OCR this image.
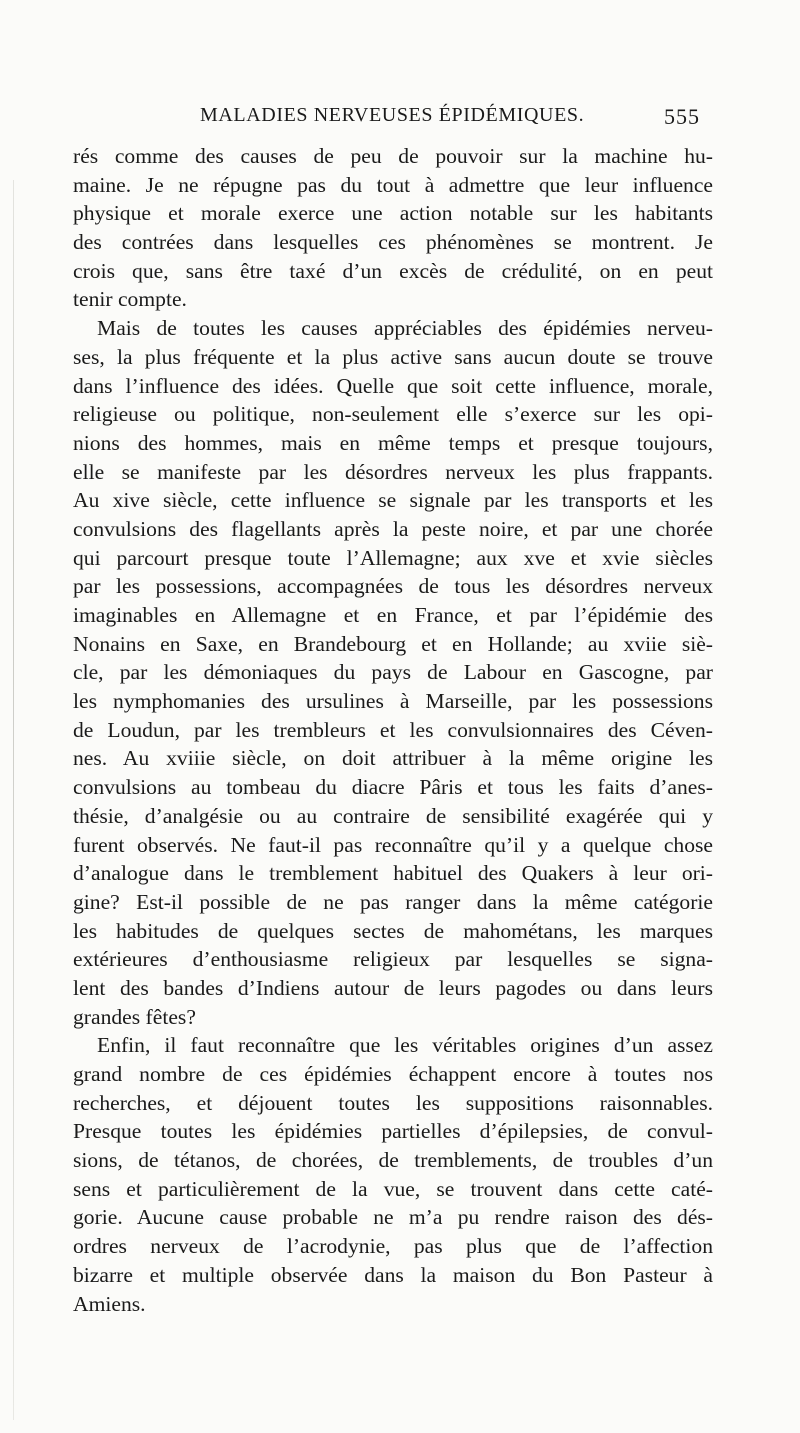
MALADIES NERVEUSES ÉPIDÉMIQUES.	555
rés comme des causes de peu de pouvoir sur la machine hu-
maine. Je ne répugne pas du tout à admettre que leur influence
physique et morale exerce une action notable sur les habitants
des contrées dans lesquelles ces phénomènes se montrent. Je
crois que, sans être taxé d’un excès de crédulité, on en peut
tenir compte.
Mais de toutes les causes appréciables des épidémies nerveu-
ses, la plus fréquente et la plus active sans aucun doute se trouve
dans l’influence des idées. Quelle que soit cette influence, morale,
religieuse ou politique, non-seulement elle s’exerce sur les opi-
nions des hommes, mais en même temps et presque toujours,
elle se manifeste par les désordres nerveux les plus frappants.
Au xive siècle, cette influence se signale par les transports et les
convulsions des flagellants après la peste noire, et par une chorée
qui parcourt presque toute l’Allemagne; aux xve et xvie siècles
par les possessions, accompagnées de tous les désordres nerveux
imaginables en Allemagne et en France, et par l’épidémie des
Nonains en Saxe, en Brandebourg et en Hollande; au xviie siè-
cle, par les démoniaques du pays de Labour en Gascogne, par
les nymphomanies des ursulines à Marseille, par les possessions
de Loudun, par les trembleurs et les convulsionnaires des Céven-
nes. Au xviiie siècle, on doit attribuer à la même origine les
convulsions au tombeau du diacre Pâris et tous les faits d’anes-
thésie, d’analgésie ou au contraire de sensibilité exagérée qui y
furent observés. Ne faut-il pas reconnaître qu’il y a quelque chose
d’analogue dans le tremblement habituel des Quakers à leur ori-
gine? Est-il possible de ne pas ranger dans la même catégorie
les habitudes de quelques sectes de mahométans, les marques
extérieures d’enthousiasme religieux par lesquelles se signa-
lent des bandes d’Indiens autour de leurs pagodes ou dans leurs
grandes fêtes?
Enfin, il faut reconnaître que les véritables origines d’un assez
grand nombre de ces épidémies échappent encore à toutes nos
recherches, et déjouent toutes les suppositions raisonnables.
Presque toutes les épidémies partielles d’épilepsies, de convul-
sions, de tétanos, de chorées, de tremblements, de troubles d’un
sens et particulièrement de la vue, se trouvent dans cette caté-
gorie. Aucune cause probable ne m’a pu rendre raison des dés-
ordres nerveux de l’acrodynie, pas plus que de l’affection
bizarre et multiple observée dans la maison du Bon Pasteur à
Amiens.
